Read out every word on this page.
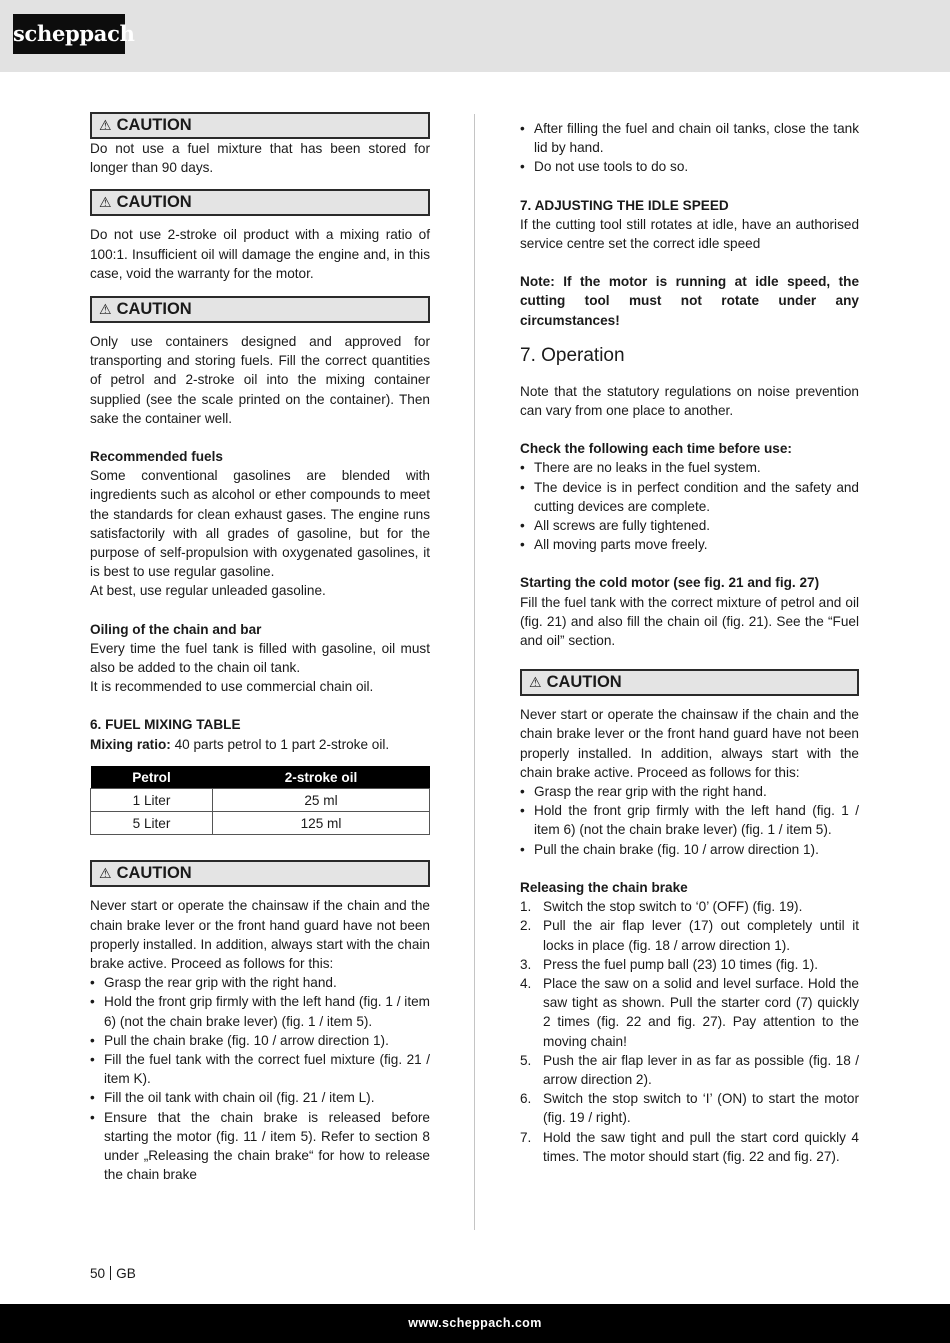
scheppach
⚠ CAUTION

Do not use a fuel mixture that has been stored for longer than 90 days.

⚠ CAUTION

Do not use 2-stroke oil product with a mixing ratio of 100:1. Insufficient oil will damage the engine and, in this case, void the warranty for the motor.

⚠ CAUTION

Only use containers designed and approved for transporting and storing fuels. Fill the correct quantities of petrol and 2-stroke oil into the mixing container supplied (see the scale printed on the container). Then sake the container well.

Recommended fuels

Some conventional gasolines are blended with ingredients such as alcohol or ether compounds to meet the standards for clean exhaust gases. The engine runs satisfactorily with all grades of gasoline, but for the purpose of self-propulsion with oxygenated gasolines, it is best to use regular gasoline.

At best, use regular unleaded gasoline.

Oiling of the chain and bar

Every time the fuel tank is filled with gasoline, oil must also be added to the chain oil tank.

It is recommended to use commercial chain oil.

6. FUEL MIXING TABLE

Mixing ratio: 40 parts petrol to 1 part 2-stroke oil.

Petrol	2-stroke oil
1 Liter	25 ml
5 Liter	125 ml
⚠ CAUTION

Never start or operate the chainsaw if the chain and the chain brake lever or the front hand guard have not been properly installed. In addition, always start with the chain brake active. Proceed as follows for this:

• Grasp the rear grip with the right hand.
• Hold the front grip firmly with the left hand (fig. 1 / item 6) (not the chain brake lever) (fig. 1 / item 5).
• Pull the chain brake (fig. 10 / arrow direction 1).
• Fill the fuel tank with the correct fuel mixture (fig. 21 / item K).
• Fill the oil tank with chain oil (fig. 21 / item L).
• Ensure that the chain brake is released before starting the motor (fig. 11 / item 5). Refer to section 8 under „Releasing the chain brake“ for how to release the chain brake
• After filling the fuel and chain oil tanks, close the tank lid by hand.
• Do not use tools to do so.

7. ADJUSTING THE IDLE SPEED

If the cutting tool still rotates at idle, have an authorised service centre set the correct idle speed

Note: If the motor is running at idle speed, the cutting tool must not rotate under any circumstances!

7. Operation

Note that the statutory regulations on noise prevention can vary from one place to another.

Check the following each time before use:

• There are no leaks in the fuel system.
• The device is in perfect condition and the safety and cutting devices are complete.
• All screws are fully tightened.
• All moving parts move freely.

Starting the cold motor (see fig. 21 and fig. 27)

Fill the fuel tank with the correct mixture of petrol and oil (fig. 21) and also fill the chain oil (fig. 21). See the “Fuel and oil” section.

⚠ CAUTION

Never start or operate the chainsaw if the chain and the chain brake lever or the front hand guard have not been properly installed. In addition, always start with the chain brake active. Proceed as follows for this:

• Grasp the rear grip with the right hand.
• Hold the front grip firmly with the left hand (fig. 1 / item 6) (not the chain brake lever) (fig. 1 / item 5).
• Pull the chain brake (fig. 10 / arrow direction 1).

Releasing the chain brake

1. Switch the stop switch to ‘0’ (OFF) (fig. 19).
2. Pull the air flap lever (17) out completely until it locks in place (fig. 18 / arrow direction 1).
3. Press the fuel pump ball (23) 10 times (fig. 1).
4. Place the saw on a solid and level surface. Hold the saw tight as shown. Pull the starter cord (7) quickly 2 times (fig. 22 and fig. 27). Pay attention to the moving chain!
5. Push the air flap lever in as far as possible (fig. 18 / arrow direction 2).
6. Switch the stop switch to ‘I’ (ON) to start the motor (fig. 19 / right).
7. Hold the saw tight and pull the start cord quickly 4 times. The motor should start (fig. 22 and fig. 27).
50 GB
www.scheppach.com
